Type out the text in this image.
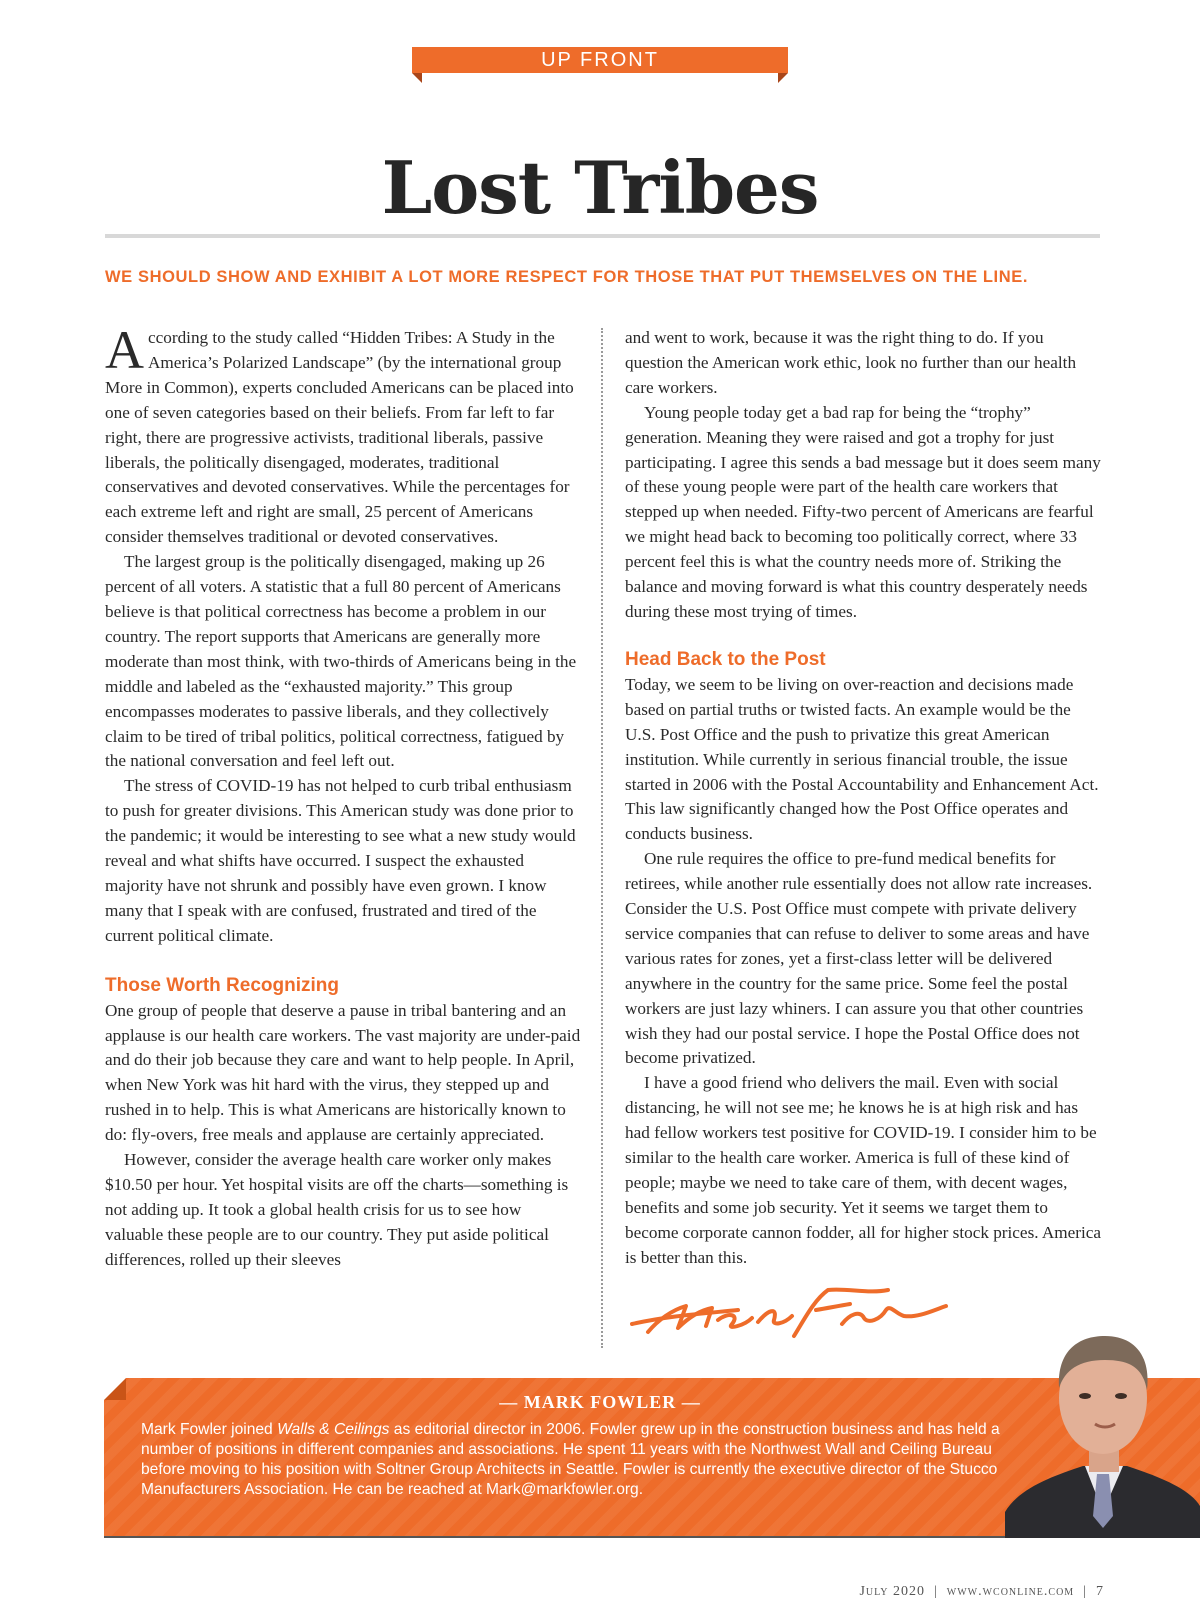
UP FRONT
Lost Tribes

WE SHOULD SHOW AND EXHIBIT A LOT MORE RESPECT FOR THOSE THAT PUT THEMSELVES ON THE LINE.

According to the study called “Hidden Tribes: A Study in the America’s Polarized Landscape” (by the international group More in Common), experts concluded Americans can be placed into one of seven categories based on their beliefs. From far left to far right, there are progressive activists, traditional liberals, passive liberals, the politically disengaged, moderates, traditional conservatives and devoted conservatives. While the percentages for each extreme left and right are small, 25 percent of Americans consider themselves traditional or devoted conservatives.

The largest group is the politically disengaged, making up 26 percent of all voters. A statistic that a full 80 percent of Americans believe is that political correctness has become a problem in our country. The report supports that Americans are generally more moderate than most think, with two-thirds of Americans being in the middle and labeled as the “exhausted majority.” This group encompasses moderates to passive liberals, and they collectively claim to be tired of tribal politics, political correctness, fatigued by the national conversation and feel left out.

The stress of COVID-19 has not helped to curb tribal enthusiasm to push for greater divisions. This American study was done prior to the pandemic; it would be interesting to see what a new study would reveal and what shifts have occurred. I suspect the exhausted majority have not shrunk and possibly have even grown. I know many that I speak with are confused, frustrated and tired of the current political climate.

Those Worth Recognizing

One group of people that deserve a pause in tribal bantering and an applause is our health care workers. The vast majority are under-paid and do their job because they care and want to help people. In April, when New York was hit hard with the virus, they stepped up and rushed in to help. This is what Americans are historically known to do: fly-overs, free meals and applause are certainly appreciated.

However, consider the average health care worker only makes $10.50 per hour. Yet hospital visits are off the charts—something is not adding up. It took a global health crisis for us to see how valuable these people are to our country. They put aside political differences, rolled up their sleeves

and went to work, because it was the right thing to do. If you question the American work ethic, look no further than our health care workers.

Young people today get a bad rap for being the “trophy” generation. Meaning they were raised and got a trophy for just participating. I agree this sends a bad message but it does seem many of these young people were part of the health care workers that stepped up when needed. Fifty-two percent of Americans are fearful we might head back to becoming too politically correct, where 33 percent feel this is what the country needs more of. Striking the balance and moving forward is what this country desperately needs during these most trying of times.

Head Back to the Post

Today, we seem to be living on over-reaction and decisions made based on partial truths or twisted facts. An example would be the U.S. Post Office and the push to privatize this great American institution. While currently in serious financial trouble, the issue started in 2006 with the Postal Accountability and Enhancement Act. This law significantly changed how the Post Office operates and conducts business.

One rule requires the office to pre-fund medical benefits for retirees, while another rule essentially does not allow rate increases. Consider the U.S. Post Office must compete with private delivery service companies that can refuse to deliver to some areas and have various rates for zones, yet a first-class letter will be delivered anywhere in the country for the same price. Some feel the postal workers are just lazy whiners. I can assure you that other countries wish they had our postal service. I hope the Postal Office does not become privatized.

I have a good friend who delivers the mail. Even with social distancing, he will not see me; he knows he is at high risk and has had fellow workers test positive for COVID-19. I consider him to be similar to the health care worker. America is full of these kind of people; maybe we need to take care of them, with decent wages, benefits and some job security. Yet it seems we target them to become corporate cannon fodder, all for higher stock prices. America is better than this.

— MARK FOWLER —

Mark Fowler joined Walls & Ceilings as editorial director in 2006. Fowler grew up in the construction business and has held a number of positions in different companies and associations. He spent 11 years with the Northwest Wall and Ceiling Bureau before moving to his position with Soltner Group Architects in Seattle. Fowler is currently the executive director of the Stucco Manufacturers Association. He can be reached at Mark@markfowler.org.

July 2020 | www.wconline.com | 7
